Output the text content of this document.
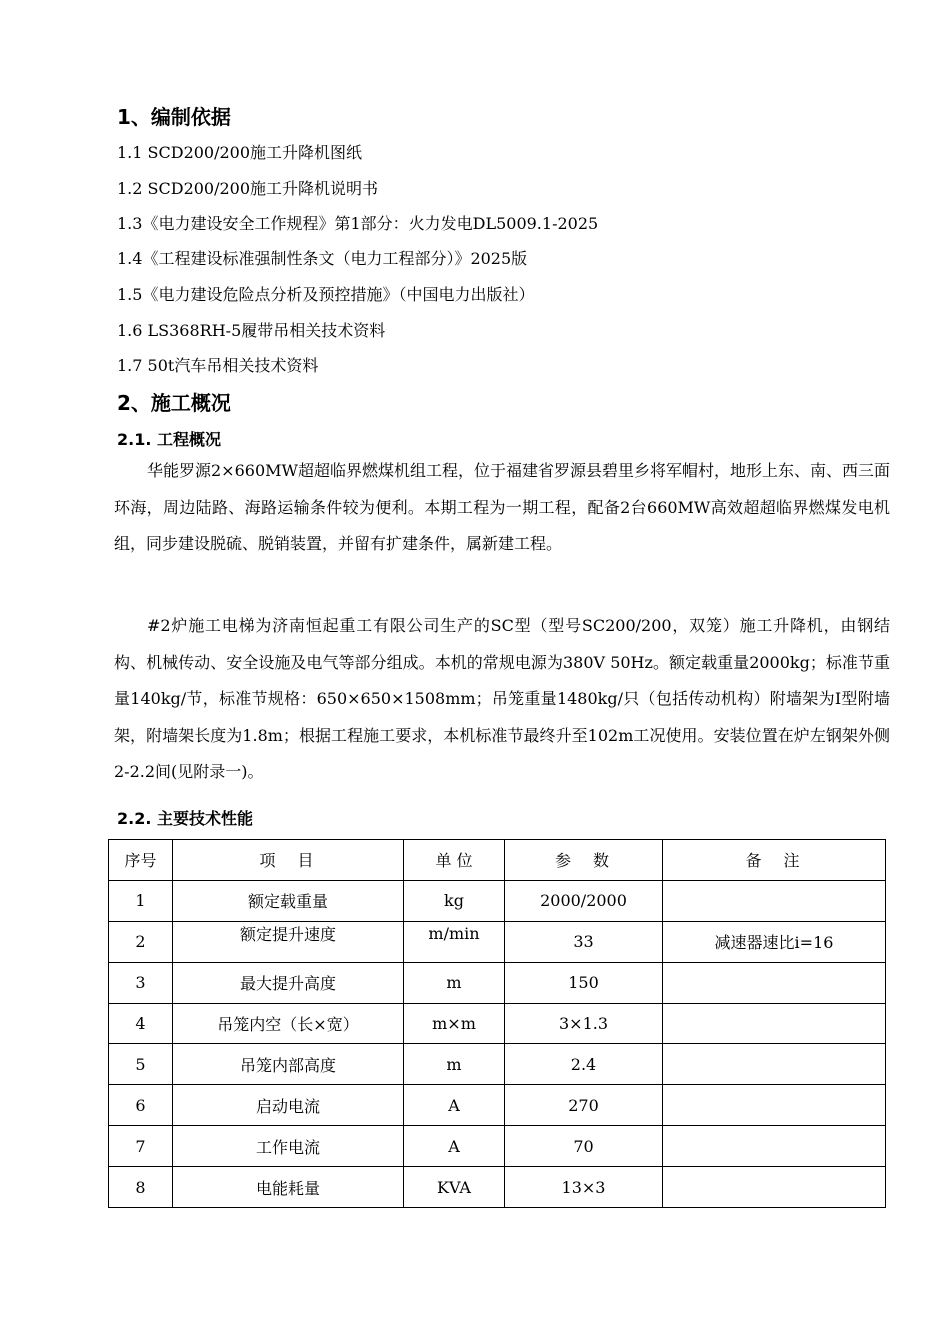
1、编制依据
1.1 SCD200/200施工升降机图纸
1.2 SCD200/200施工升降机说明书
1.3《电力建设安全工作规程》第1部分：火力发电DL5009.1-2025
1.4《工程建设标准强制性条文（电力工程部分）》2025版
1.5《电力建设危险点分析及预控措施》（中国电力出版社）
1.6 LS368RH-5履带吊相关技术资料
1.7 50t汽车吊相关技术资料
2、施工概况
2.1. 工程概况

华能罗源2×660MW超超临界燃煤机组工程，位于福建省罗源县碧里乡将军帽村，地形上东、南、西三面环海，周边陆路、海路运输条件较为便利。本期工程为一期工程，配备2台660MW高效超超临界燃煤发电机组，同步建设脱硫、脱销装置，并留有扩建条件，属新建工程。

#2炉施工电梯为济南恒起重工有限公司生产的SC型（型号SC200/200，双笼）施工升降机，由钢结构、机械传动、安全设施及电气等部分组成。本机的常规电源为380V 50Hz。额定载重量2000kg；标准节重量140kg/节，标准节规格：650×650×1508mm；吊笼重量1480kg/只（包括传动机构）附墙架为Ⅰ型附墙架，附墙架长度为1.8m；根据工程施工要求，本机标准节最终升至102m工况使用。安装位置在炉左钢架外侧2-2.2间(见附录一)。

2.2. 主要技术性能
序号	项　目	单 位	参　数	备　注
1	额定载重量	kg	2000/2000	
2	额定提升速度	m/min	33	减速器速比i=16
3	最大提升高度	m	150	
4	吊笼内空（长×宽）	m×m	3×1.3	
5	吊笼内部高度	m	2.4	
6	启动电流	A	270	
7	工作电流	A	70	
8	电能耗量	KVA	13×3	
